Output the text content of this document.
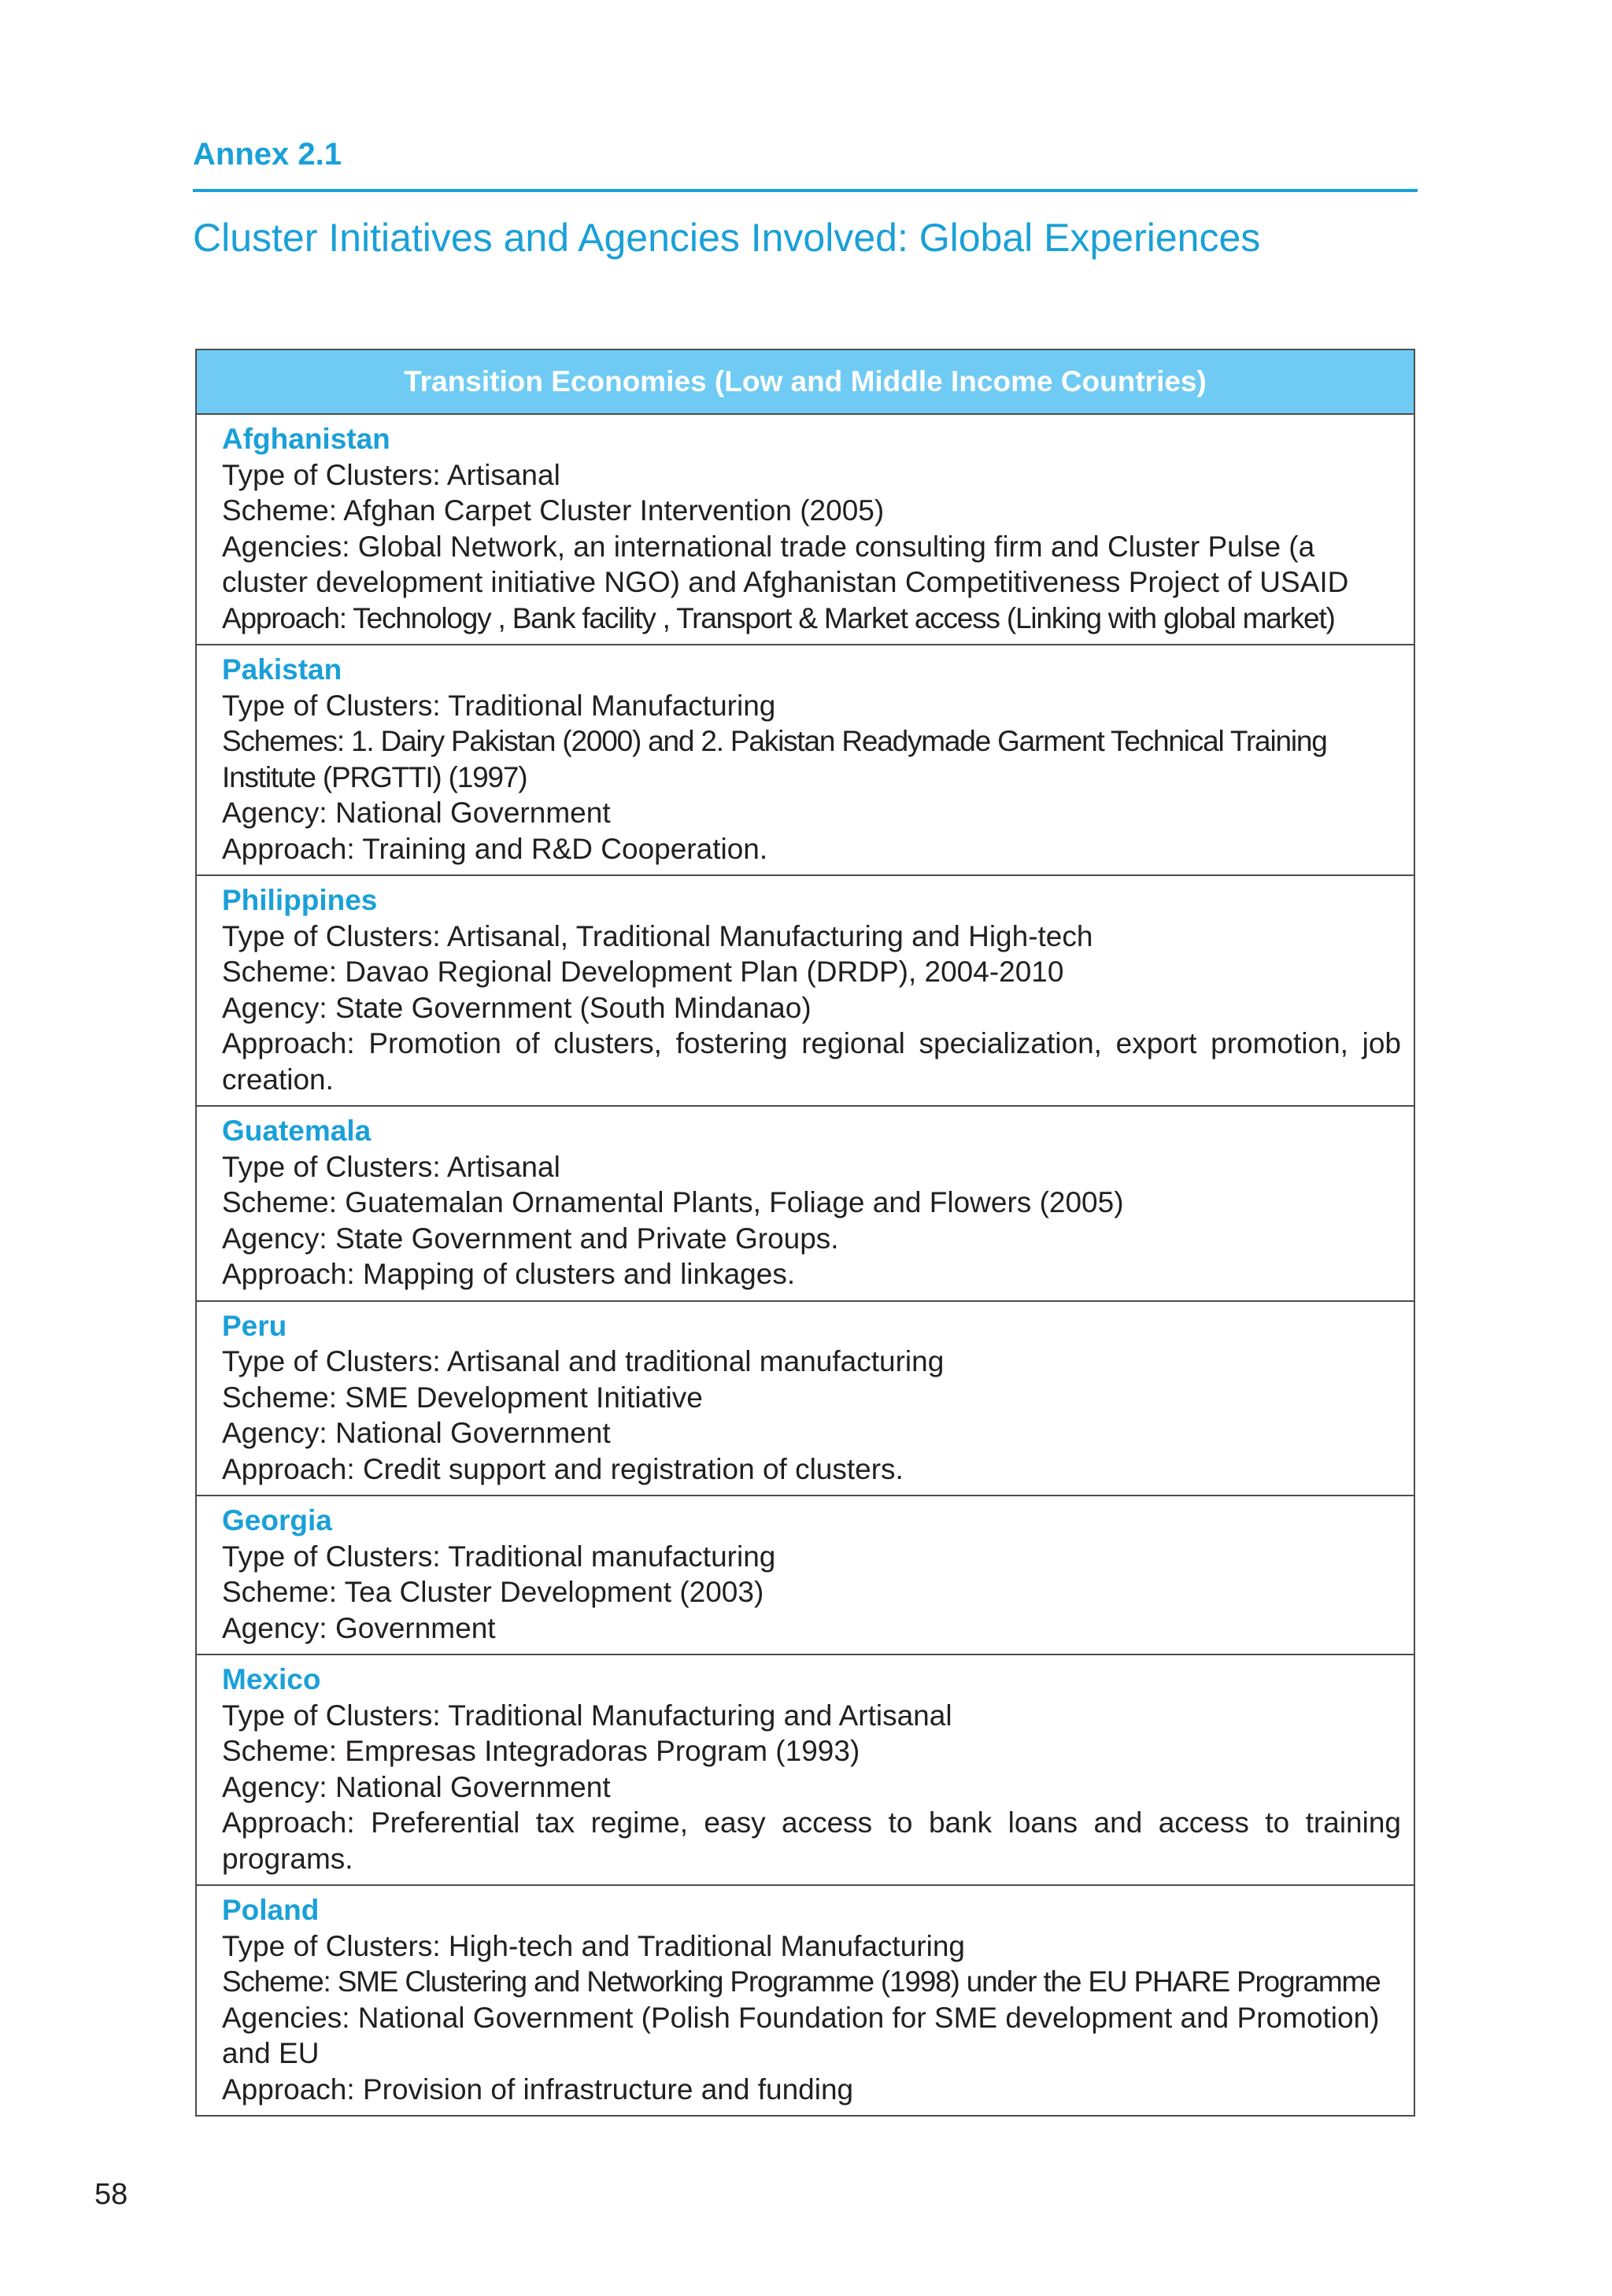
Annex 2.1
Cluster Initiatives and Agencies Involved: Global Experiences
Transition Economies (Low and Middle Income Countries)
Afghanistan
Type of Clusters: Artisanal
Scheme: Afghan Carpet Cluster Intervention (2005)
Agencies: Global Network, an international trade consulting firm and Cluster Pulse (a cluster development initiative NGO) and Afghanistan Competitiveness Project of USAID
Approach: Technology , Bank facility , Transport & Market access (Linking with global market)
Pakistan
Type of Clusters: Traditional Manufacturing
Schemes: 1. Dairy Pakistan (2000) and 2. Pakistan Readymade Garment Technical Training Institute (PRGTTI) (1997)
Agency: National Government
Approach: Training and R&D Cooperation.
Philippines
Type of Clusters: Artisanal, Traditional Manufacturing and High-tech
Scheme: Davao Regional Development Plan (DRDP), 2004-2010
Agency: State Government (South Mindanao)
Approach: Promotion of clusters, fostering regional specialization, export promotion, job creation.
Guatemala
Type of Clusters: Artisanal
Scheme: Guatemalan Ornamental Plants, Foliage and Flowers (2005)
Agency: State Government and Private Groups.
Approach: Mapping of clusters and linkages.
Peru
Type of Clusters: Artisanal and traditional manufacturing
Scheme: SME Development Initiative
Agency: National Government
Approach: Credit support and registration of clusters.
Georgia
Type of Clusters: Traditional manufacturing
Scheme: Tea Cluster Development (2003)
Agency: Government
Mexico
Type of Clusters: Traditional Manufacturing and Artisanal
Scheme: Empresas Integradoras Program (1993)
Agency: National Government
Approach: Preferential tax regime, easy access to bank loans and access to training programs.
Poland
Type of Clusters: High-tech and Traditional Manufacturing
Scheme: SME Clustering and Networking Programme (1998) under the EU PHARE Programme
Agencies: National Government (Polish Foundation for SME development and Promotion) and EU
Approach: Provision of infrastructure and funding
58
